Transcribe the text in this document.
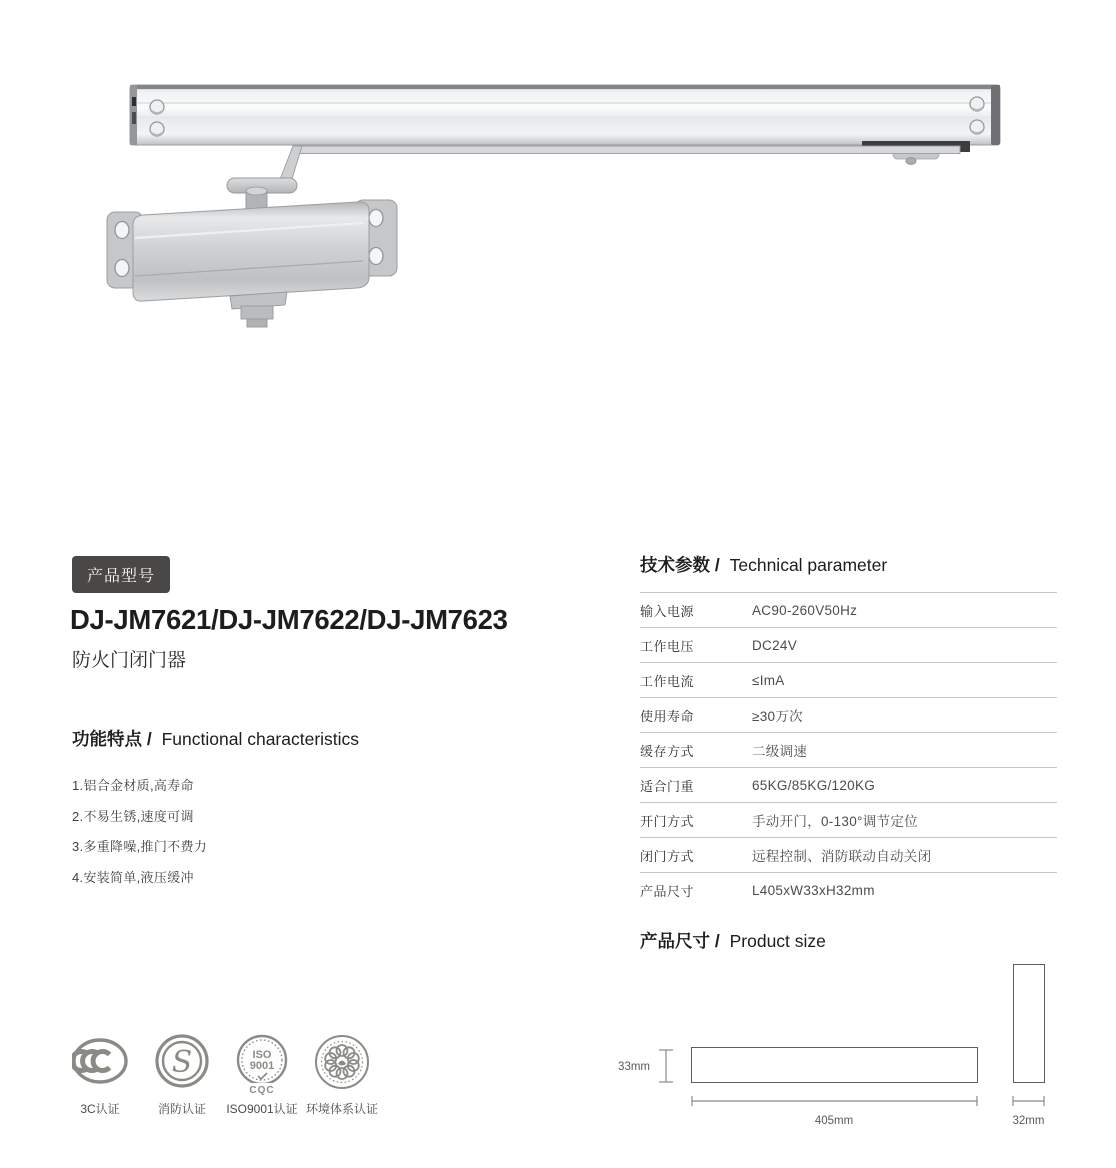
产品型号
DJ-JM7621/DJ-JM7622/DJ-JM7623
防火门闭门器
功能特点 / Functional characteristics
1.铝合金材质,高寿命
2.不易生锈,速度可调
3.多重降噪,推门不费力
4.安装简单,液压缓冲
技术参数 / Technical parameter
输入电源	AC90-260V50Hz
工作电压	DC24V
工作电流	≤ImA
使用寿命	≥30万次
缓存方式	二级调速
适合门重	65KG/85KG/120KG
开门方式	手动开门，0-130°调节定位
闭门方式	远程控制、消防联动自动关闭
产品尺寸	L405xW33xH32mm
产品尺寸 / Product size
33mm
405mm	32mm
3C认证
S
消防认证
ISO
9001
CQC
ISO9001认证 环境体系认证
